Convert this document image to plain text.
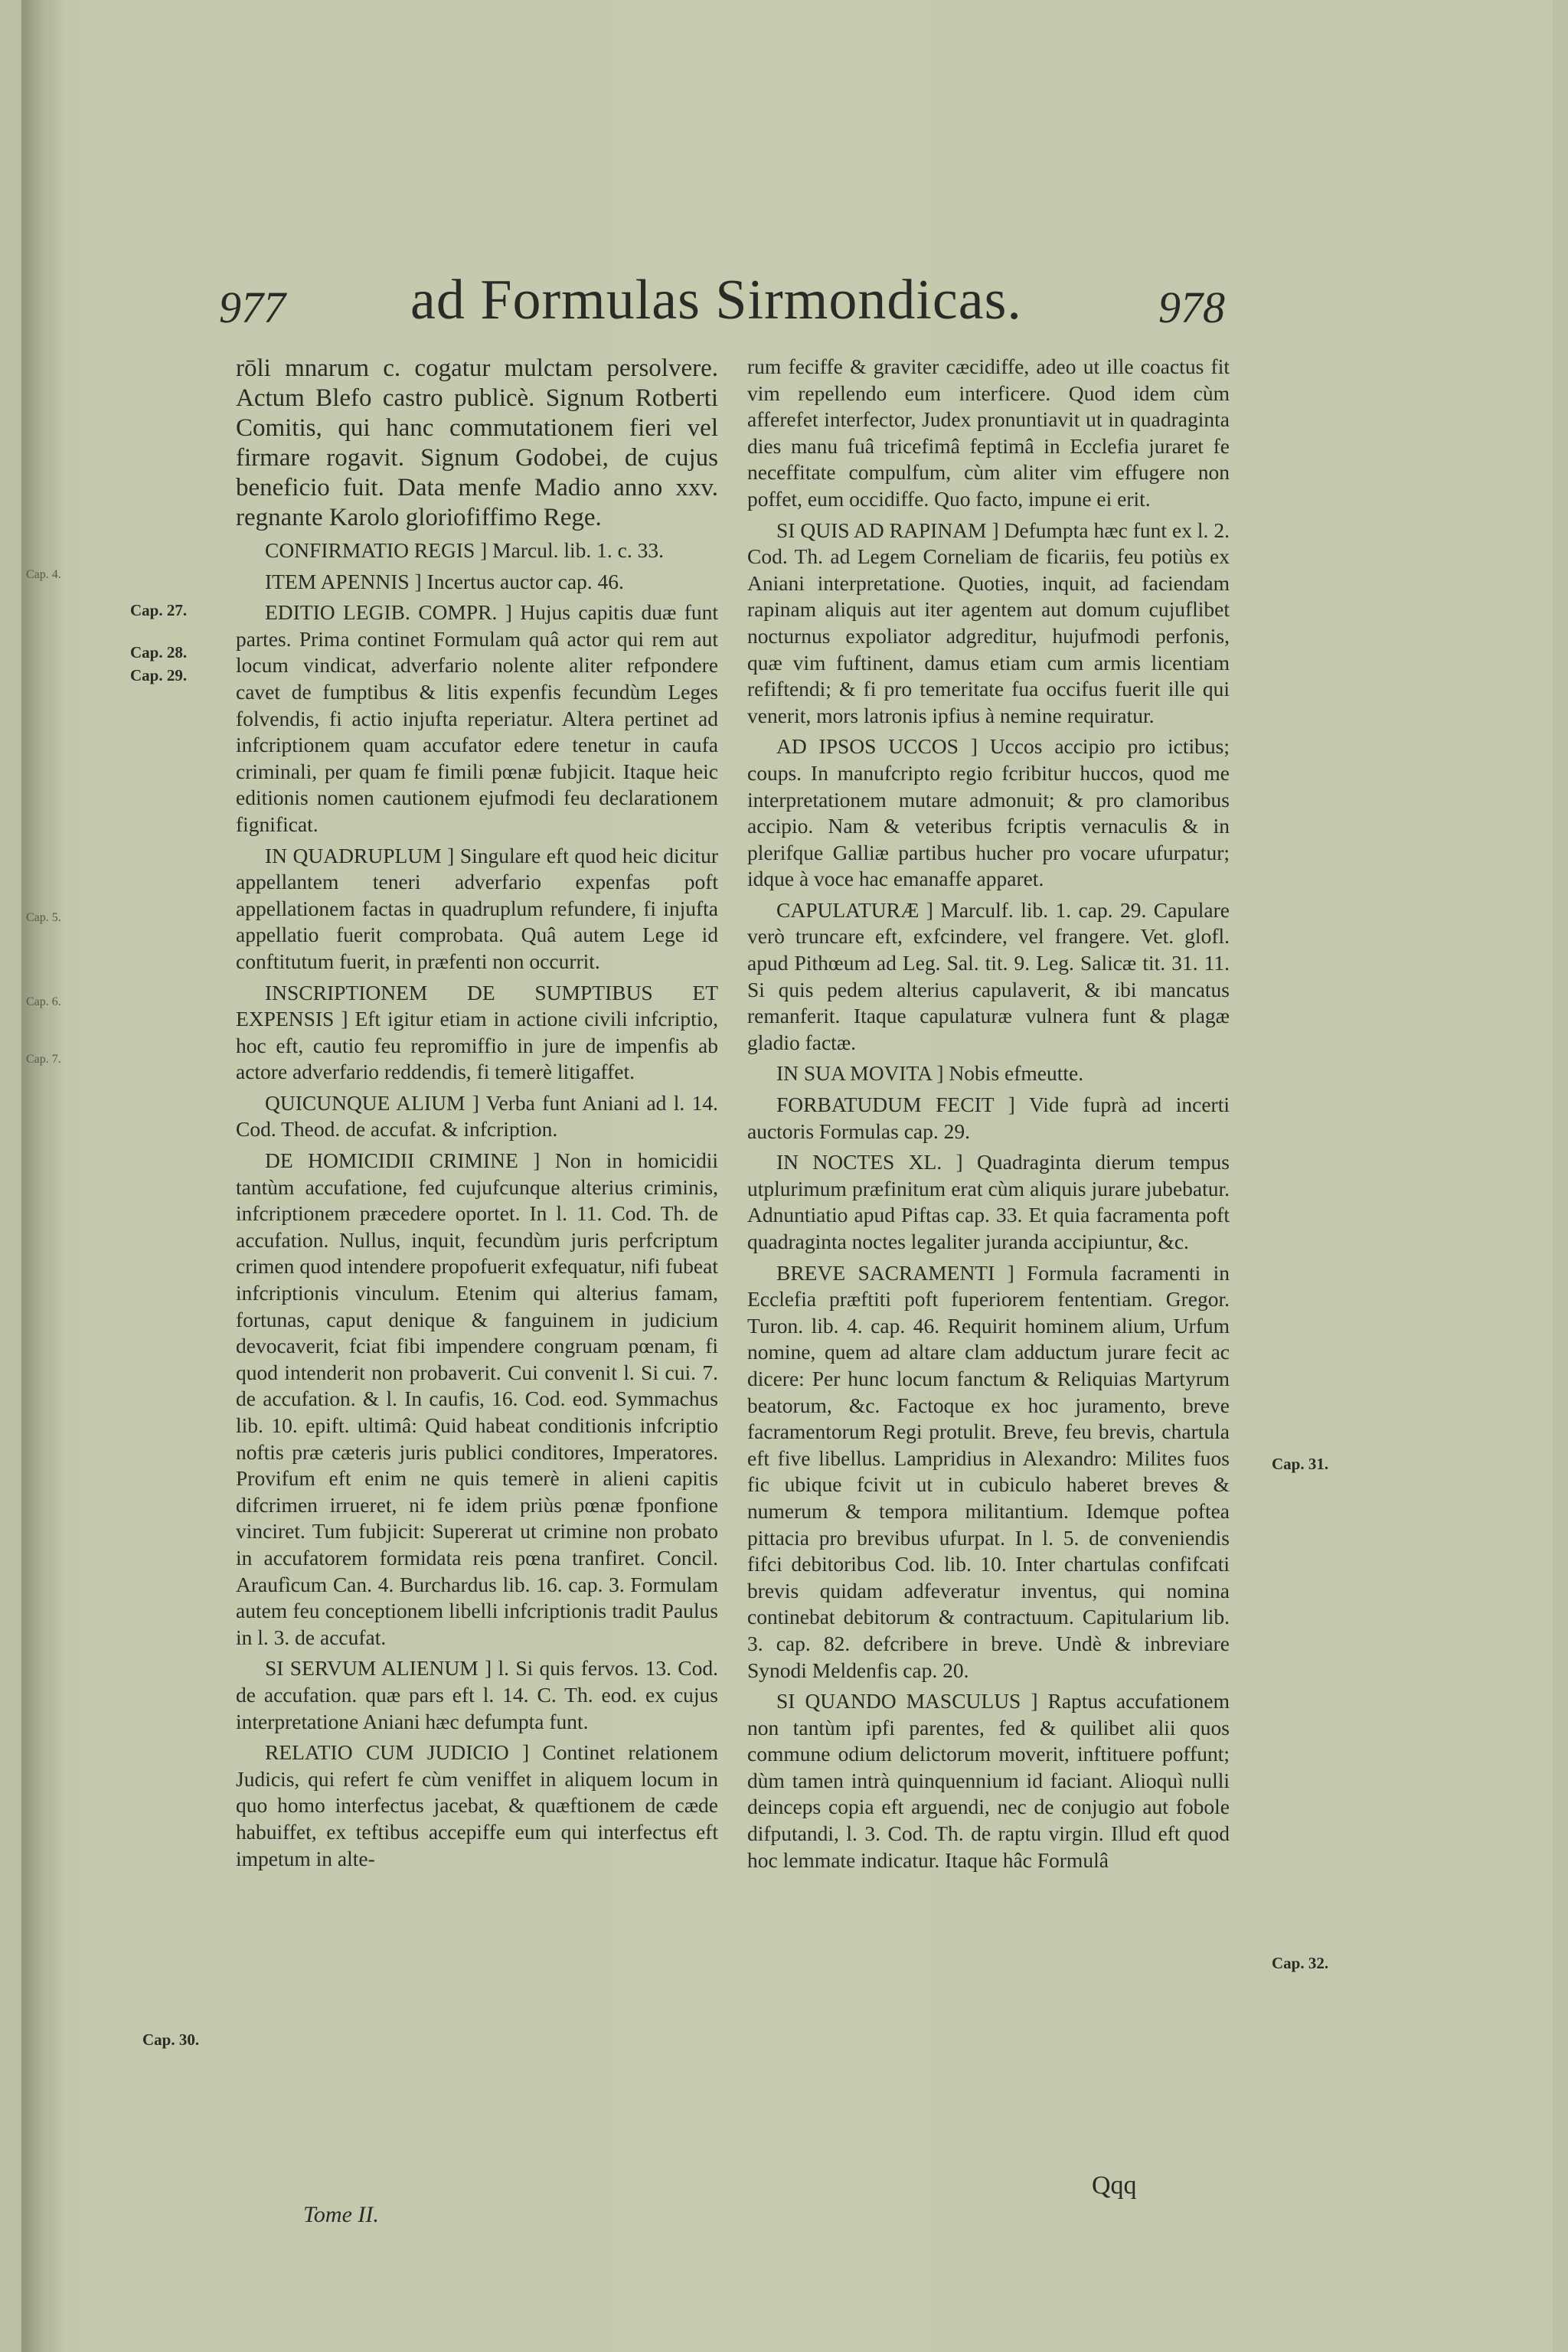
Cap. 4.
Cap. 5.
Cap. 6.
Cap. 7.
977 ad Formulas Sirmondicas.	978
Cap. 27.
Cap. 28.
Cap. 29.
Cap. 30.
Cap. 31.
Cap. 32.

rōli mnarum c. cogatur mulctam persolvere. Actum Blefo castro publicè. Signum Rotberti Comitis, qui hanc commutationem fieri vel firmare rogavit. Signum Godobei, de cujus beneficio fuit. Data menfe Madio anno xxv. regnante Karolo gloriofiffimo Rege.

CONFIRMATIO REGIS ] Marcul. lib. 1. c. 33.

ITEM APENNIS ] Incertus auctor cap. 46.

EDITIO LEGIB. COMPR. ] Hujus capitis duæ funt partes. Prima continet Formulam quâ actor qui rem aut locum vindicat, adverfario nolente aliter refpondere cavet de fumptibus & litis expenfis fecundùm Leges folvendis, fi actio injufta reperiatur. Altera pertinet ad infcriptionem quam accufator edere tenetur in caufa criminali, per quam fe fimili pœnæ fubjicit. Itaque heic editionis nomen cautionem ejufmodi feu declarationem fignificat.

IN QUADRUPLUM ] Singulare eft quod heic dicitur appellantem teneri adverfario expenfas poft appellationem factas in quadruplum refundere, fi injufta appellatio fuerit comprobata. Quâ autem Lege id conftitutum fuerit, in præfenti non occurrit.

INSCRIPTIONEM DE SUMPTIBUS ET EXPENSIS ] Eft igitur etiam in actione civili infcriptio, hoc eft, cautio feu repromiffio in jure de impenfis ab actore adverfario reddendis, fi temerè litigaffet.

QUICUNQUE ALIUM ] Verba funt Aniani ad l. 14. Cod. Theod. de accufat. & infcription.

DE HOMICIDII CRIMINE ] Non in homicidii tantùm accufatione, fed cujufcunque alterius criminis, infcriptionem præcedere oportet. In l. 11. Cod. Th. de accufation. Nullus, inquit, fecundùm juris perfcriptum crimen quod intendere propofuerit exfequatur, nifi fubeat infcriptionis vinculum. Etenim qui alterius famam, fortunas, caput denique & fanguinem in judicium devocaverit, fciat fibi impendere congruam pœnam, fi quod intenderit non probaverit. Cui convenit l. Si cui. 7. de accufation. & l. In caufis, 16. Cod. eod. Symmachus lib. 10. epift. ultimâ: Quid habeat conditionis infcriptio noftis præ cæteris juris publici conditores, Imperatores. Provifum eft enim ne quis temerè in alieni capitis difcrimen irrueret, ni fe idem priùs pœnæ fponfione vinciret. Tum fubjicit: Supererat ut crimine non probato in accufatorem formidata reis pœna tranfiret. Concil. Araufìcum Can. 4. Burchardus lib. 16. cap. 3. Formulam autem feu conceptionem libelli infcriptionis tradit Paulus in l. 3. de accufat.

SI SERVUM ALIENUM ] l. Si quis fervos. 13. Cod. de accufation. quæ pars eft l. 14. C. Th. eod. ex cujus interpretatione Aniani hæc defumpta funt.

RELATIO CUM JUDICIO ] Continet relationem Judicis, qui refert fe cùm veniffet in aliquem locum in quo homo interfectus jacebat, & quæftionem de cæde habuiffet, ex teftibus accepiffe eum qui interfectus eft impetum in alte-

rum feciffe & graviter cæcidiffe, adeo ut ille coactus fit vim repellendo eum interficere. Quod idem cùm afferefet interfector, Judex pronuntiavit ut in quadraginta dies manu fuâ tricefimâ feptimâ in Ecclefia juraret fe neceffitate compulfum, cùm aliter vim effugere non poffet, eum occidiffe. Quo facto, impune ei erit.

SI QUIS AD RAPINAM ] Defumpta hæc funt ex l. 2. Cod. Th. ad Legem Corneliam de ficariis, feu potiùs ex Aniani interpretatione. Quoties, inquit, ad faciendam rapinam aliquis aut iter agentem aut domum cujuflibet nocturnus expoliator adgreditur, hujufmodi perfonis, quæ vim fuftinent, damus etiam cum armis licentiam refiftendi; & fi pro temeritate fua occifus fuerit ille qui venerit, mors latronis ipfius à nemine requiratur.

AD IPSOS UCCOS ] Uccos accipio pro ictibus; coups. In manufcripto regio fcribitur huccos, quod me interpretationem mutare admonuit; & pro clamoribus accipio. Nam & veteribus fcriptis vernaculis & in plerifque Galliæ partibus hucher pro vocare ufurpatur; idque à voce hac emanaffe apparet.

CAPULATURÆ ] Marculf. lib. 1. cap. 29. Capulare verò truncare eft, exfcindere, vel frangere. Vet. glofl. apud Pithœum ad Leg. Sal. tit. 9. Leg. Salicæ tit. 31. 11. Si quis pedem alterius capulaverit, & ibi mancatus remanferit. Itaque capulaturæ vulnera funt & plagæ gladio factæ.

IN SUA MOVITA ] Nobis efmeutte.

FORBATUDUM FECIT ] Vide fuprà ad incerti auctoris Formulas cap. 29.

IN NOCTES XL. ] Quadraginta dierum tempus utplurimum præfinitum erat cùm aliquis jurare jubebatur. Adnuntiatio apud Piftas cap. 33. Et quia facramenta poft quadraginta noctes legaliter juranda accipiuntur, &c.

BREVE SACRAMENTI ] Formula facramenti in Ecclefia præftiti poft fuperiorem fententiam. Gregor. Turon. lib. 4. cap. 46. Requirit hominem alium, Urfum nomine, quem ad altare clam adductum jurare fecit ac dicere: Per hunc locum fanctum & Reliquias Martyrum beatorum, &c. Factoque ex hoc juramento, breve facramentorum Regi protulit. Breve, feu brevis, chartula eft five libellus. Lampridius in Alexandro: Milites fuos fic ubique fcivit ut in cubiculo haberet breves & numerum & tempora militantium. Idemque poftea pittacia pro brevibus ufurpat. In l. 5. de conveniendis fifci debitoribus Cod. lib. 10. Inter chartulas confifcati brevis quidam adfeveratur inventus, qui nomina continebat debitorum & contractuum. Capitularium lib. 3. cap. 82. defcribere in breve. Undè & inbreviare Synodi Meldenfis cap. 20.

SI QUANDO MASCULUS ] Raptus accufationem non tantùm ipfi parentes, fed & quilibet alii quos commune odium delictorum moverit, inftituere poffunt; dùm tamen intrà quinquennium id faciant. Alioquì nulli deinceps copia eft arguendi, nec de conjugio aut fobole difputandi, l. 3. Cod. Th. de raptu virgin. Illud eft quod hoc lemmate indicatur. Itaque hâc Formulâ

Tome II.
Qqq
